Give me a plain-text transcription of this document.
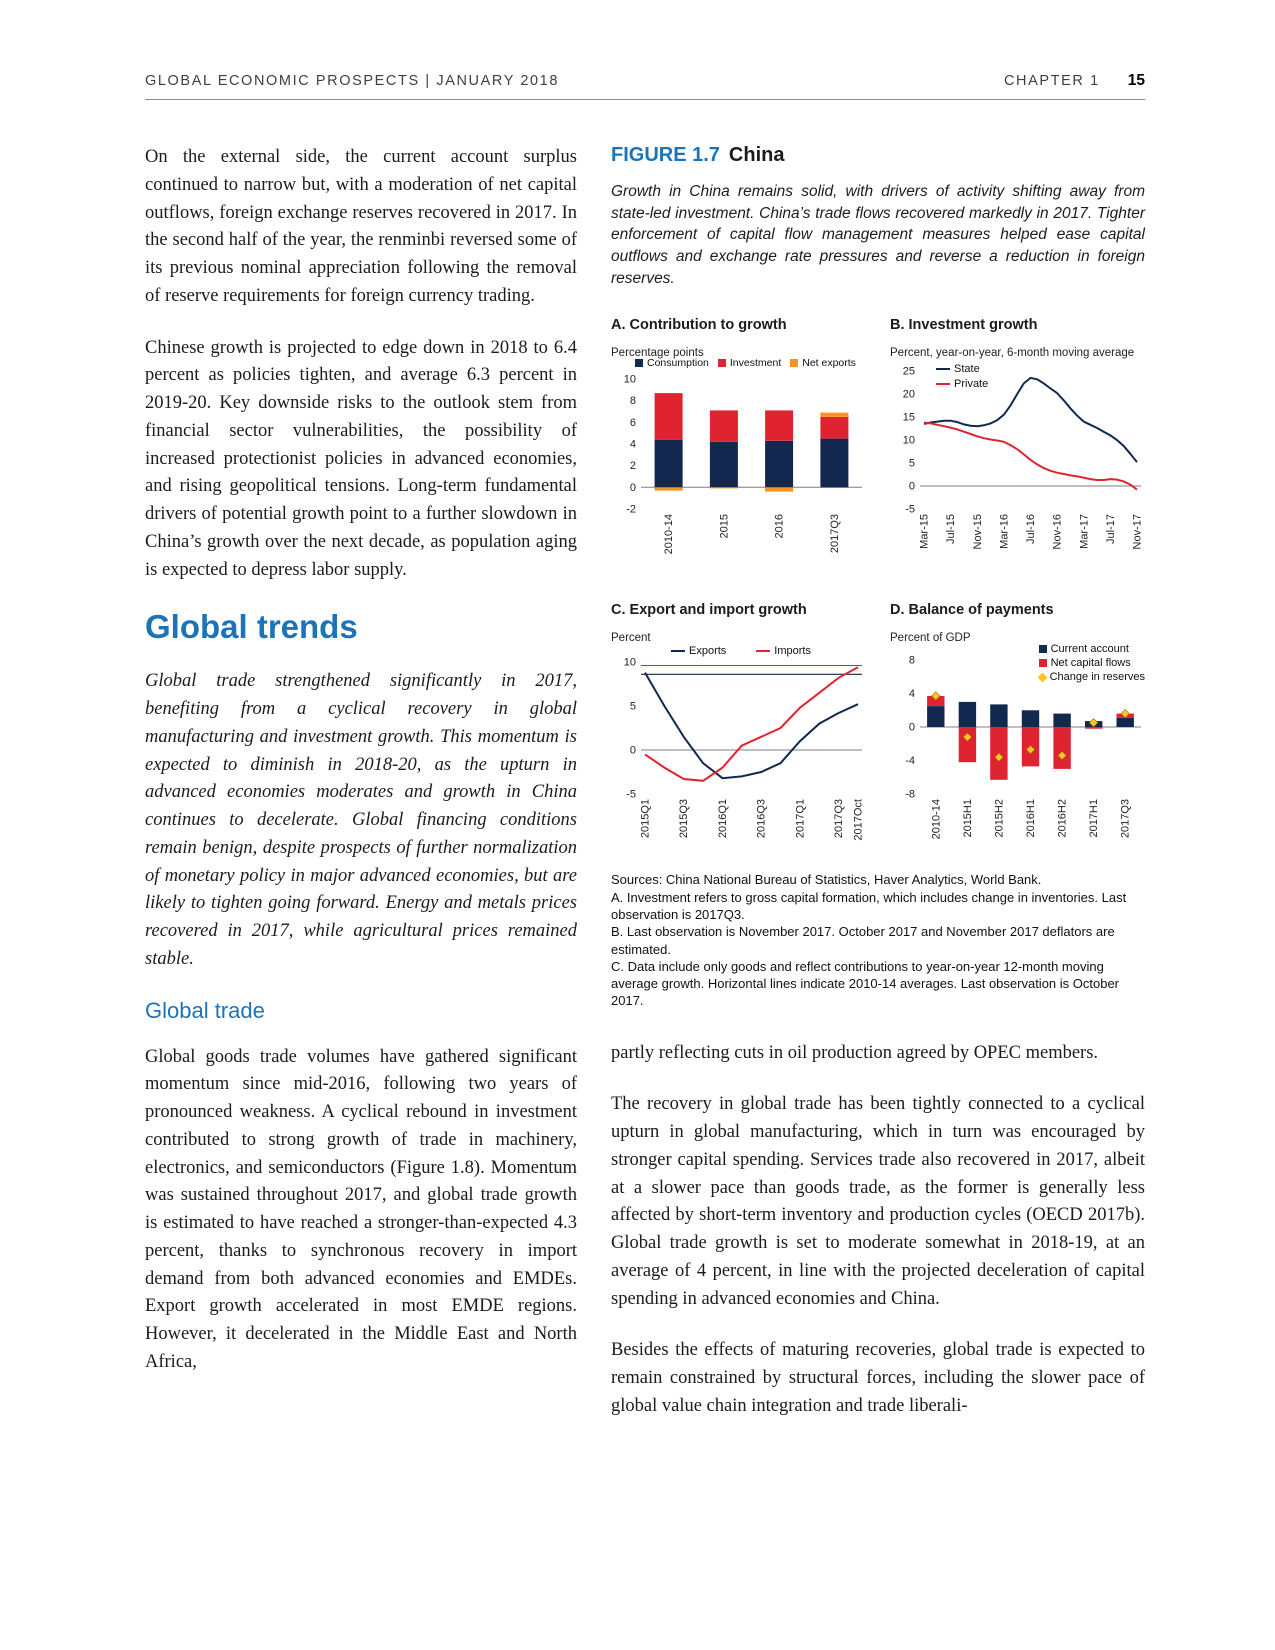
GLOBAL ECONOMIC PROSPECTS | JANUARY 2018	CHAPTER 1 15

On the external side, the current account surplus continued to narrow but, with a moderation of net capital outflows, foreign exchange reserves recovered in 2017. In the second half of the year, the renminbi reversed some of its previous nominal appreciation following the removal of reserve requirements for foreign currency trading.

Chinese growth is projected to edge down in 2018 to 6.4 percent as policies tighten, and average 6.3 percent in 2019-20. Key downside risks to the outlook stem from financial sector vulnerabilities, the possibility of increased protectionist policies in advanced economies, and rising geopolitical tensions. Long-term fundamental drivers of potential growth point to a further slowdown in China’s growth over the next decade, as population aging is expected to depress labor supply.

Global trends

Global trade strengthened significantly in 2017, benefiting from a cyclical recovery in global manufacturing and investment growth. This momentum is expected to diminish in 2018-20, as the upturn in advanced economies moderates and growth in China continues to decelerate. Global financing conditions remain benign, despite prospects of further normalization of monetary policy in major advanced economies, but are likely to tighten going forward. Energy and metals prices recovered in 2017, while agricultural prices remained stable.

Global trade

Global goods trade volumes have gathered significant momentum since mid-2016, following two years of pronounced weakness. A cyclical rebound in investment contributed to strong growth of trade in machinery, electronics, and semiconductors (Figure 1.8). Momentum was sustained throughout 2017, and global trade growth is estimated to have reached a stronger-than-expected 4.3 percent, thanks to synchronous recovery in import demand from both advanced economies and EMDEs. Export growth accelerated in most EMDE regions. However, it decelerated in the Middle East and North Africa,

FIGURE 1.7 China

Growth in China remains solid, with drivers of activity shifting away from state-led investment. China’s trade flows recovered markedly in 2017. Tighter enforcement of capital flow management measures helped ease capital outflows and exchange rate pressures and reverse a reduction in foreign reserves.

A. Contribution to growth
Percentage points
Consumption Investment Net exports
-2
0
2
4
6
8
10
2010-14	2015	2016	2017Q3
B. Investment growth
Percent, year-on-year, 6-month moving average
State
Private
-5
0
5
10
15
20
25
Mar-15 Jul-15 Nov-15 Mar-16 Jul-16 Nov-16 Mar-17 Jul-17 Nov-17
C. Export and import growth
Percent
Exports	Imports
-5
0
5
10
2015Q1 2015Q3 2016Q1 2016Q3 2017Q1 2017Q3 2017Oct
D. Balance of payments
Percent of GDP
Current account
Net capital flows
Change in reserves
-8
-4
0
4
8
2010-14 2015H1 2015H2 2016H1 2016H2 2017H1 2017Q3

Sources: China National Bureau of Statistics, Haver Analytics, World Bank.

A. Investment refers to gross capital formation, which includes change in inventories. Last observation is 2017Q3.

B. Last observation is November 2017. October 2017 and November 2017 deflators are estimated.

C. Data include only goods and reflect contributions to year-on-year 12-month moving average growth. Horizontal lines indicate 2010-14 averages. Last observation is October 2017.

partly reflecting cuts in oil production agreed by OPEC members.

The recovery in global trade has been tightly connected to a cyclical upturn in global manufacturing, which in turn was encouraged by stronger capital spending. Services trade also recovered in 2017, albeit at a slower pace than goods trade, as the former is generally less affected by short-term inventory and production cycles (OECD 2017b). Global trade growth is set to moderate somewhat in 2018-19, at an average of 4 percent, in line with the projected deceleration of capital spending in advanced economies and China.

Besides the effects of maturing recoveries, global trade is expected to remain constrained by structural forces, including the slower pace of global value chain integration and trade liberali-
